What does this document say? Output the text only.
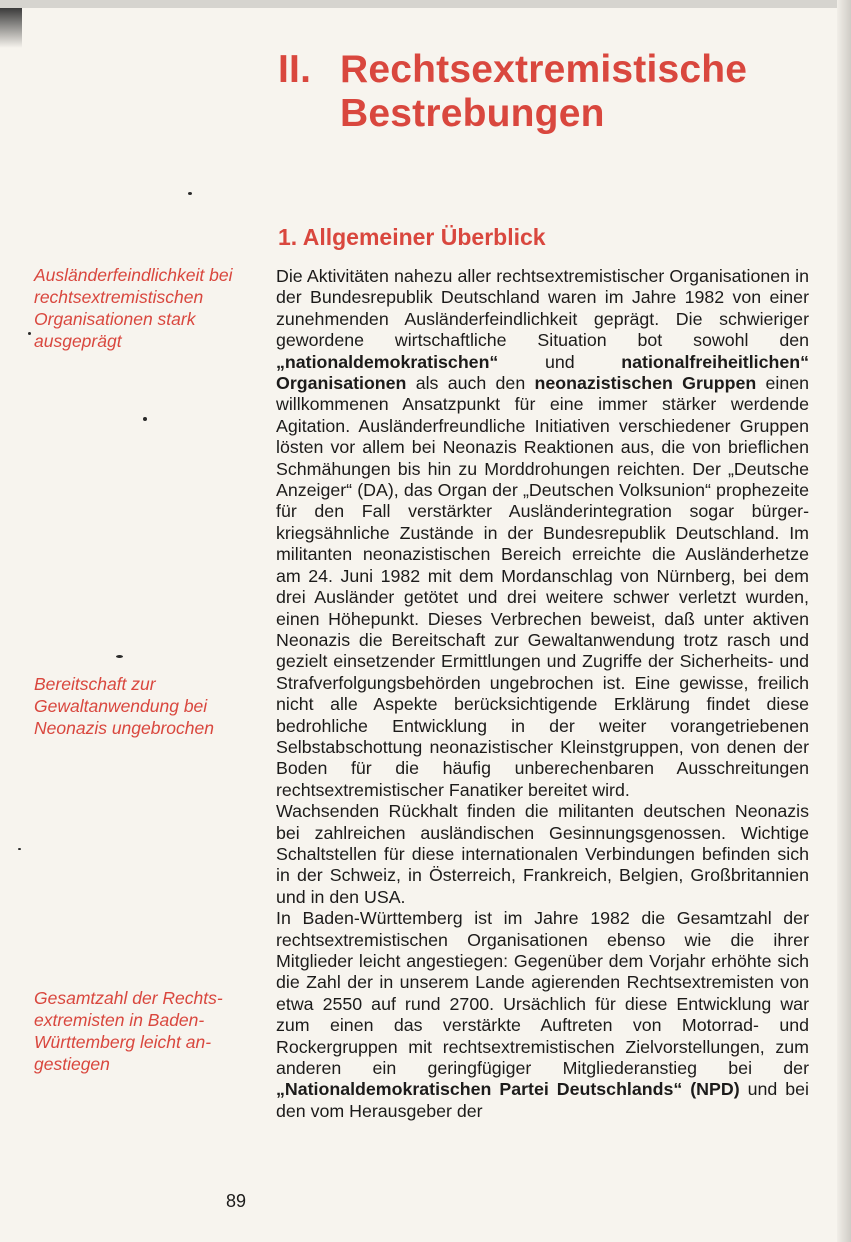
II. Rechtsextremistische
Bestrebungen
1. Allgemeiner Überblick
Ausländerfeindlichkeit bei rechtsextremistischen Organisationen stark ausgeprägt
Bereitschaft zur Gewaltanwendung bei Neonazis ungebrochen
Gesamtzahl der Rechtsextremisten in Baden-Württemberg leicht angestiegen

Die Aktivitäten nahezu aller rechtsextremistischer Organisationen in der Bundesrepublik Deutschland waren im Jahre 1982 von einer zunehmenden Ausländerfeindlichkeit geprägt. Die schwieriger gewordene wirtschaftliche Situation bot sowohl den „nationaldemokratischen“ und nationalfreiheitlichen“ Organisationen als auch den neonazistischen Gruppen einen willkommenen Ansatzpunkt für eine immer stärker werdende Agitation. Ausländerfreundliche Initiativen verschiedener Gruppen lösten vor allem bei Neonazis Reaktionen aus, die von brieflichen Schmähungen bis hin zu Morddrohungen reichten. Der „Deutsche Anzeiger“ (DA), das Organ der „Deutschen Volksunion“ prophezeite für den Fall verstärkter Ausländerintegration sogar bürgerkriegsähnliche Zustände in der Bundesrepublik Deutschland. Im militanten neonazistischen Bereich erreichte die Ausländerhetze am 24. Juni 1982 mit dem Mordanschlag von Nürnberg, bei dem drei Ausländer getötet und drei weitere schwer verletzt wurden, einen Höhepunkt. Dieses Verbrechen beweist, daß unter aktiven Neonazis die Bereitschaft zur Gewaltanwendung trotz rasch und gezielt einsetzender Ermittlungen und Zugriffe der Sicherheits- und Strafverfolgungsbehörden ungebrochen ist. Eine gewisse, freilich nicht alle Aspekte berücksichtigende Erklärung findet diese bedrohliche Entwicklung in der weiter vorangetriebenen Selbstabschottung neonazistischer Kleinstgruppen, von denen der Boden für die häufig unberechenbaren Ausschreitungen rechtsextremistischer Fanatiker bereitet wird.

Wachsenden Rückhalt finden die militanten deutschen Neonazis bei zahlreichen ausländischen Gesinnungsgenossen. Wichtige Schaltstellen für diese internationalen Verbindungen befinden sich in der Schweiz, in Österreich, Frankreich, Belgien, Großbritannien und in den USA.

In Baden-Württemberg ist im Jahre 1982 die Gesamtzahl der rechtsextremistischen Organisationen ebenso wie die ihrer Mitglieder leicht angestiegen: Gegenüber dem Vorjahr erhöhte sich die Zahl der in unserem Lande agierenden Rechtsextremisten von etwa 2550 auf rund 2700. Ursächlich für diese Entwicklung war zum einen das verstärkte Auftreten von Motorrad- und Rockergruppen mit rechtsextremistischen Zielvorstellungen, zum anderen ein geringfügiger Mitgliederanstieg bei der „Nationaldemokratischen Partei Deutschlands“ (NPD) und bei den vom Herausgeber der

89
